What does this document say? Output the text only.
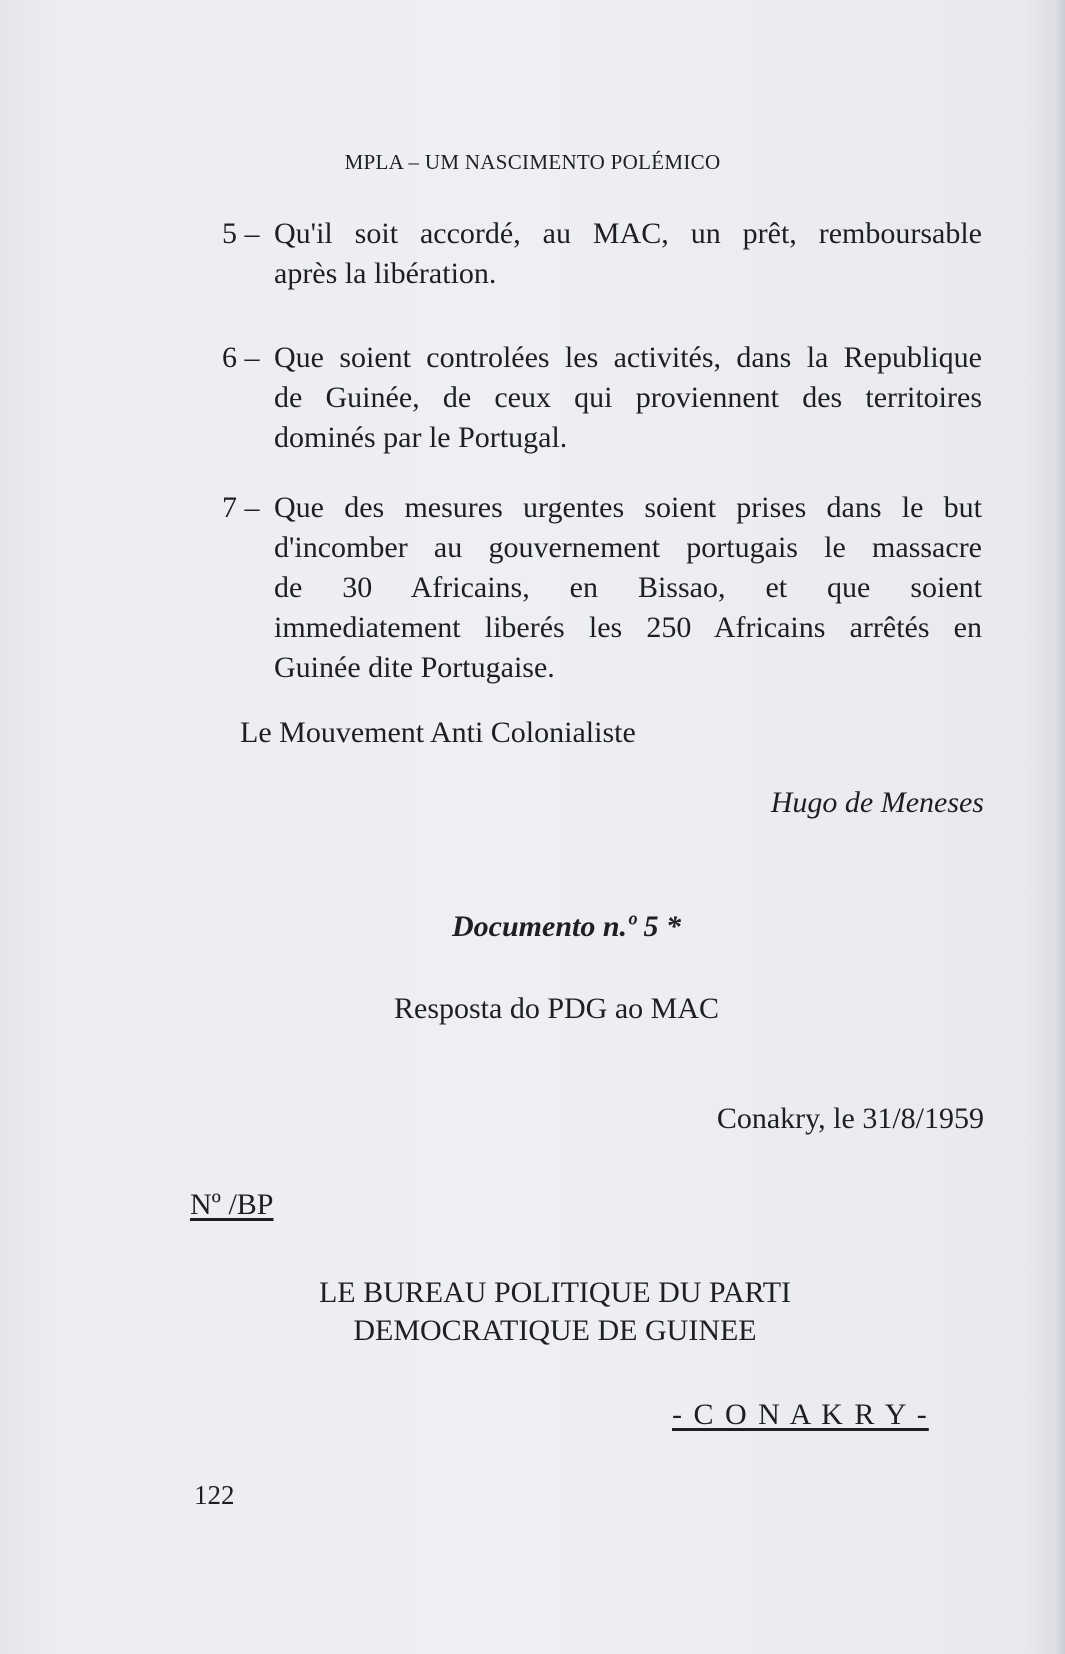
MPLA – UM NASCIMENTO POLÉMICO
5 – Qu'il soit accordé, au MAC, un prêt, remboursable
après la libération.
6 – Que soient controlées les activités, dans la Republique
de Guinée, de ceux qui proviennent des territoires
dominés par le Portugal.
7 – Que des mesures urgentes soient prises dans le but
d'incomber au gouvernement portugais le massacre
de 30 Africains, en Bissao, et que soient
immediatement liberés les 250 Africains arrêtés en
Guinée dite Portugaise.
Le Mouvement Anti Colonialiste
Hugo de Meneses
Documento n.º 5 *
Resposta do PDG ao MAC
Conakry, le 31/8/1959
Nº /BP
LE BUREAU POLITIQUE DU PARTI
DEMOCRATIQUE DE GUINEE
- C O N A K R Y -
122
